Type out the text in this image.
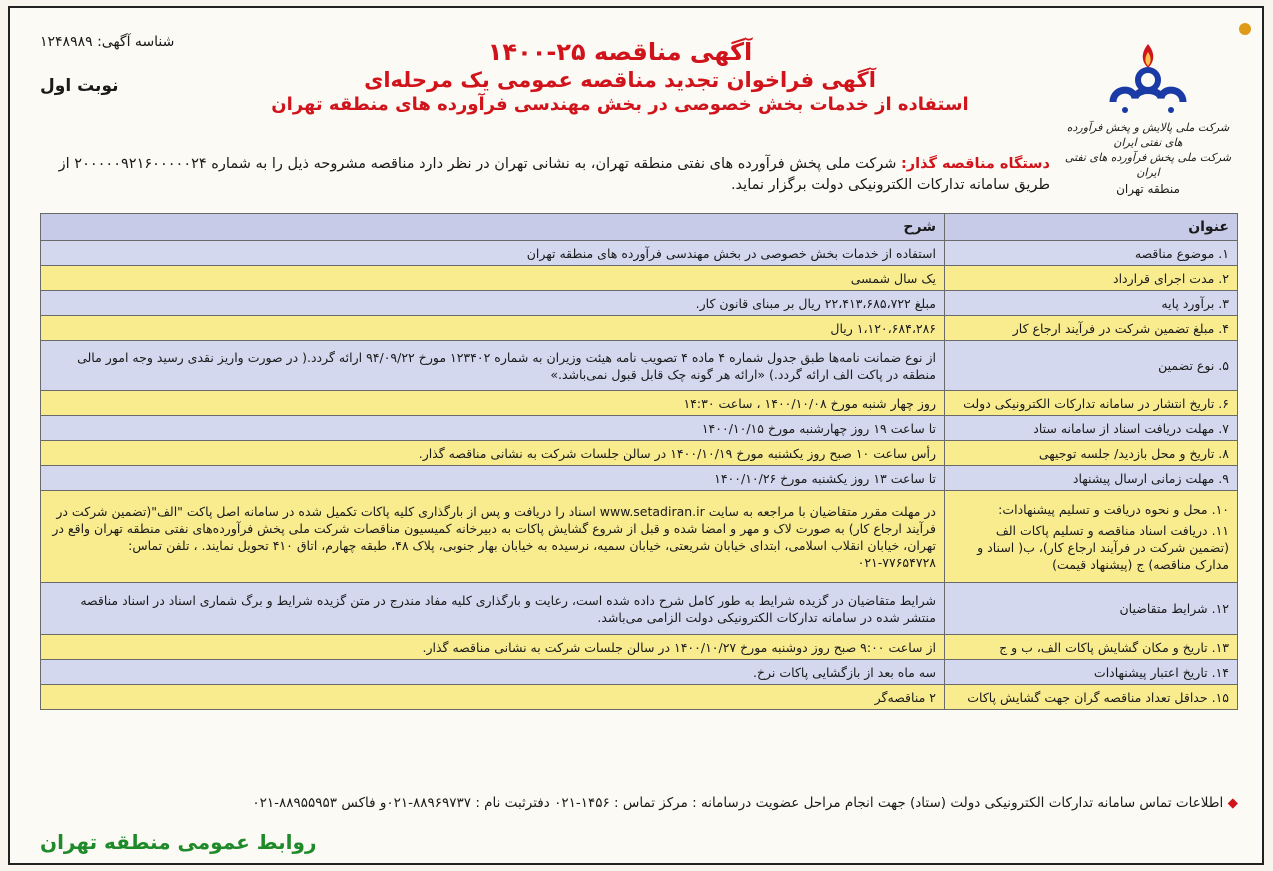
شناسه آگهی: ۱۲۴۸۹۸۹
نوبت اول
آگهی مناقصه ۲۵-۱۴۰۰
آگهی فراخوان تجدید مناقصه عمومی یک مرحله‌ای
استفاده از خدمات بخش خصوصی در بخش مهندسی فرآورده های منطقه تهران
شرکت ملی پالایش و پخش فرآورده های نفتی ایران
شرکت ملی پخش فرآورده های نفتی ایران
منطقه تهران
دستگاه مناقصه گذار: شرکت ملی پخش فرآورده های نفتی منطقه تهران، به نشانی تهران در نظر دارد مناقصه مشروحه ذیل را به شماره ۲۰۰۰۰۰۹۲۱۶۰۰۰۰۰۲۴ از طریق سامانه تدارکات الکترونیکی دولت برگزار نماید.
عنوان	شرح
۱. موضوع مناقصه	استفاده از خدمات بخش خصوصی در بخش مهندسی فرآورده های منطقه تهران
۲. مدت اجرای قرارداد	یک سال شمسی
۳. برآورد پایه	مبلغ ۲۲،۴۱۳،۶۸۵،۷۲۲ ریال بر مبنای قانون کار.
۴. مبلغ تضمین شرکت در فرآیند ارجاع کار	۱،۱۲۰،۶۸۴،۲۸۶ ریال
۵. نوع تضمین	از نوع ضمانت نامه‌ها طبق جدول شماره ۴ ماده ۴ تصویب نامه هیئت وزیران به شماره ۱۲۳۴۰۲ مورخ ۹۴/۰۹/۲۲ ارائه گردد.( در صورت واریز نقدی رسید وجه امور مالی منطقه در پاکت الف ارائه گردد.) «ارائه هر گونه چک قابل قبول نمی‌باشد.»
۶. تاریخ انتشار در سامانه تدارکات الکترونیکی دولت	روز چهار شنبه مورخ ۱۴۰۰/۱۰/۰۸ ، ساعت ۱۴:۳۰
۷. مهلت دریافت اسناد از سامانه ستاد	تا ساعت ۱۹ روز چهارشنبه مورخ ۱۴۰۰/۱۰/۱۵
۸. تاریخ و محل بازدید/ جلسه توجیهی	رأس ساعت ۱۰ صبح روز یکشنبه مورخ ۱۴۰۰/۱۰/۱۹ در سالن جلسات شرکت به نشانی مناقصه گذار.
۹. مهلت زمانی ارسال پیشنهاد	تا ساعت ۱۳ روز یکشنبه مورخ ۱۴۰۰/۱۰/۲۶

۱۰. محل و نحوه دریافت و تسلیم پیشنهادات:
۱۱. دریافت اسناد مناقصه و تسلیم پاکات الف (تضمین شرکت در فرآیند ارجاع کار)، ب( اسناد و مدارک مناقصه) ج (پیشنهاد قیمت)	در مهلت مقرر متقاضیان با مراجعه به سایت www.setadiran.ir اسناد را دریافت و پس از بارگذاری کلیه پاکات تکمیل شده در سامانه اصل پاکت "الف"(تضمین شرکت در فرآیند ارجاع کار) به صورت لاک و مهر و امضا شده و قبل از شروع گشایش پاکات به دبیرخانه کمیسیون مناقصات شرکت ملی پخش فرآورده‌های نفتی منطقه تهران واقع در تهران، خیابان انقلاب اسلامی، ابتدای خیابان شریعتی، خیابان سمیه، نرسیده به خیابان بهار جنوبی، پلاک ۴۸، طبقه چهارم، اتاق ۴۱۰ تحویل نمایند. ، تلفن تماس: ۷۷۶۵۴۷۲۸-۰۲۱
۱۲. شرایط متقاضیان	شرایط متقاضیان در گزیده شرایط به طور کامل شرح داده شده است، رعایت و بارگذاری کلیه مفاد مندرج در متن گزیده شرایط و برگ شماری اسناد در اسناد مناقصه منتشر شده در سامانه تدارکات الکترونیکی دولت الزامی می‌باشد.
۱۳. تاریخ و مکان گشایش پاکات الف، ب و ج	از ساعت ۹:۰۰ صبح روز دوشنبه مورخ ۱۴۰۰/۱۰/۲۷ در سالن جلسات شرکت به نشانی مناقصه گذار.
۱۴. تاریخ اعتبار پیشنهادات	سه ماه بعد از بازگشایی پاکات نرخ.
۱۵. حداقل تعداد مناقصه گران جهت گشایش پاکات	۲ مناقصه‌گر
◆ اطلاعات تماس سامانه تدارکات الکترونیکی دولت (ستاد) جهت انجام مراحل عضویت درسامانه : مرکز تماس : ۱۴۵۶-۰۲۱ دفترثبت نام : ۸۸۹۶۹۷۳۷-۰۲۱و فاکس ۸۸۹۵۵۹۵۳-۰۲۱
روابط عمومی منطقه تهران
